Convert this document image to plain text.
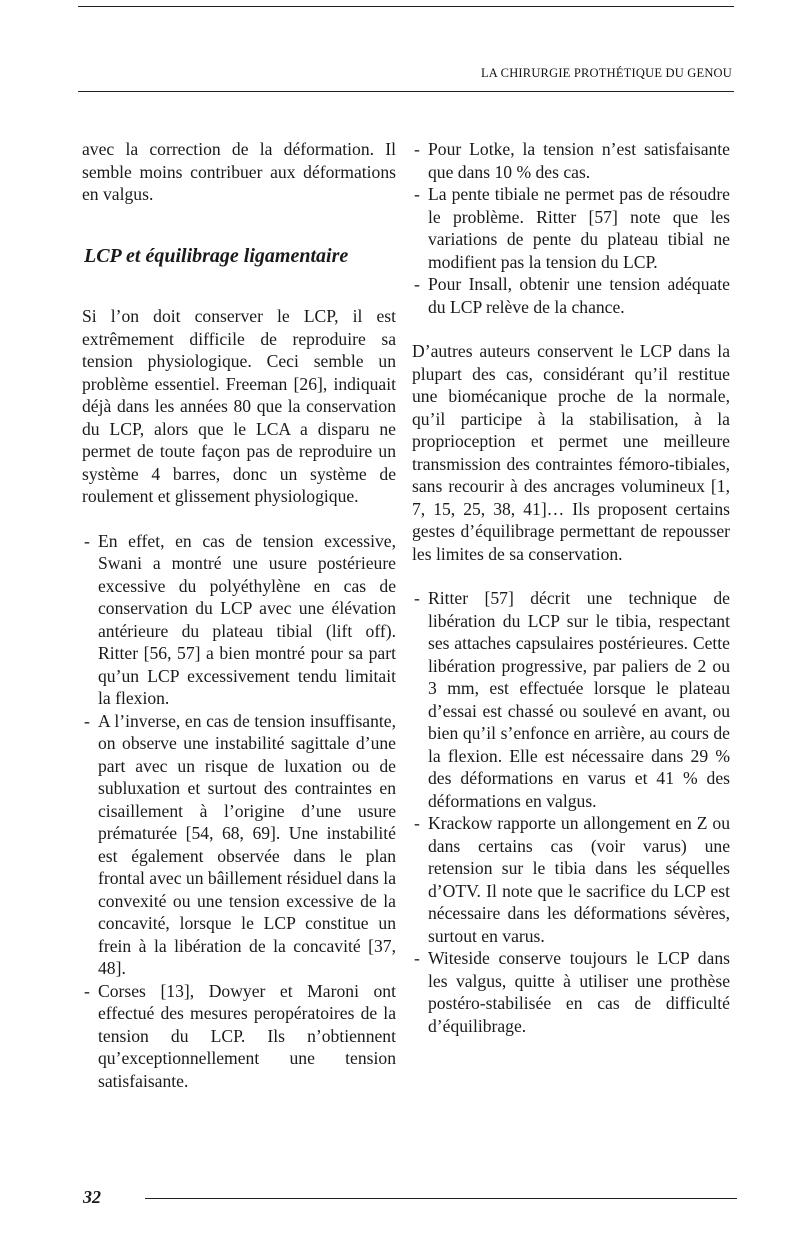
LA CHIRURGIE PROTHÉTIQUE DU GENOU

avec la correction de la déformation. Il semble moins contribuer aux déformations en valgus.

LCP et équilibrage ligamentaire

Si l’on doit conserver le LCP, il est extrêmement difficile de reproduire sa tension physiologique. Ceci semble un problème essentiel. Freeman [26], indiquait déjà dans les années 80 que la conservation du LCP, alors que le LCA a disparu ne permet de toute façon pas de reproduire un système 4 barres, donc un système de roulement et glissement physiologique.

- En effet, en cas de tension excessive, Swani a montré une usure postérieure excessive du polyéthylène en cas de conservation du LCP avec une élévation antérieure du plateau tibial (lift off). Ritter [56, 57] a bien montré pour sa part qu’un LCP excessivement tendu limitait la flexion.
- A l’inverse, en cas de tension insuffisante, on observe une instabilité sagittale d’une part avec un risque de luxation ou de subluxation et surtout des contraintes en cisaillement à l’origine d’une usure prématurée [54, 68, 69]. Une instabilité est également observée dans le plan frontal avec un bâillement résiduel dans la convexité ou une tension excessive de la concavité, lorsque le LCP constitue un frein à la libération de la concavité [37, 48].
- Corses [13], Dowyer et Maroni ont effectué des mesures peropératoires de la tension du LCP. Ils n’obtiennent qu’exceptionnellement une tension satisfaisante.
- Pour Lotke, la tension n’est satisfaisante que dans 10 % des cas.
- La pente tibiale ne permet pas de résoudre le problème. Ritter [57] note que les variations de pente du plateau tibial ne modifient pas la tension du LCP.
- Pour Insall, obtenir une tension adéquate du LCP relève de la chance.

D’autres auteurs conservent le LCP dans la plupart des cas, considérant qu’il restitue une biomécanique proche de la normale, qu’il participe à la stabilisation, à la proprioception et permet une meilleure transmission des contraintes fémoro-tibiales, sans recourir à des ancrages volumineux [1, 7, 15, 25, 38, 41]… Ils proposent certains gestes d’équilibrage permettant de repousser les limites de sa conservation.

- Ritter [57] décrit une technique de libération du LCP sur le tibia, respectant ses attaches capsulaires postérieures. Cette libération progressive, par paliers de 2 ou 3 mm, est effectuée lorsque le plateau d’essai est chassé ou soulevé en avant, ou bien qu’il s’enfonce en arrière, au cours de la flexion. Elle est nécessaire dans 29 % des déformations en varus et 41 % des déformations en valgus.
- Krackow rapporte un allongement en Z ou dans certains cas (voir varus) une retension sur le tibia dans les séquelles d’OTV. Il note que le sacrifice du LCP est nécessaire dans les déformations sévères, surtout en varus.
- Witeside conserve toujours le LCP dans les valgus, quitte à utiliser une prothèse postéro-stabilisée en cas de difficulté d’équilibrage.
32
